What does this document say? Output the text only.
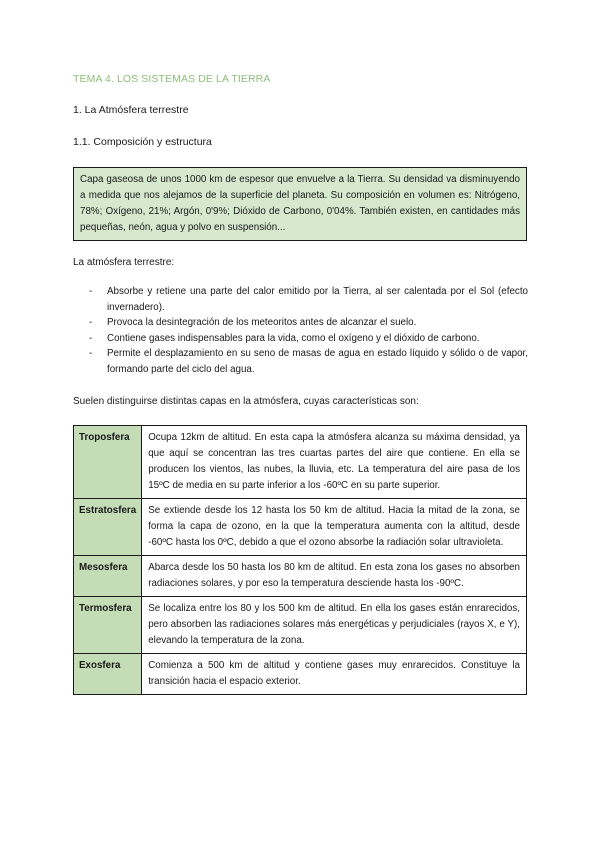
TEMA 4. LOS SISTEMAS DE LA TIERRA
1. La Atmósfera terrestre
1.1. Composición y estructura
Capa gaseosa de unos 1000 km de espesor que envuelve a la Tierra. Su densidad va disminuyendo a medida que nos alejamos de la superficie del planeta. Su composición en volumen es: Nitrógeno, 78%; Oxígeno, 21%; Argón, 0'9%; Dióxido de Carbono, 0'04%. También existen, en cantidades más pequeñas, neón, agua y polvo en suspensión...
La atmósfera terrestre:
- Absorbe y retiene una parte del calor emitido por la Tierra, al ser calentada por el Sol (efecto invernadero).
- Provoca la desintegración de los meteoritos antes de alcanzar el suelo.
- Contiene gases indispensables para la vida, como el oxígeno y el dióxido de carbono.
- Permite el desplazamiento en su seno de masas de agua en estado líquido y sólido o de vapor, formando parte del ciclo del agua.
Suelen distinguirse distintas capas en la atmósfera, cuyas características son:
Troposfera	Ocupa 12km de altitud. En esta capa la atmósfera alcanza su máxima densidad, ya que aquí se concentran las tres cuartas partes del aire que contiene. En ella se producen los vientos, las nubes, la lluvia, etc. La temperatura del aire pasa de los 15ºC de media en su parte inferior a los -60ºC en su parte superior.
Estratosfera	Se extiende desde los 12 hasta los 50 km de altitud. Hacia la mitad de la zona, se forma la capa de ozono, en la que la temperatura aumenta con la altitud, desde -60ºC hasta los 0ºC, debido a que el ozono absorbe la radiación solar ultravioleta.
Mesosfera	Abarca desde los 50 hasta los 80 km de altitud. En esta zona los gases no absorben radiaciones solares, y por eso la temperatura desciende hasta los -90ºC.
Termosfera	Se localiza entre los 80 y los 500 km de altitud. En ella los gases están enrarecidos, pero absorben las radiaciones solares más energéticas y perjudiciales (rayos X, e Y), elevando la temperatura de la zona.
Exosfera	Comienza a 500 km de altitud y contiene gases muy enrarecidos. Constituye la transición hacia el espacio exterior.
